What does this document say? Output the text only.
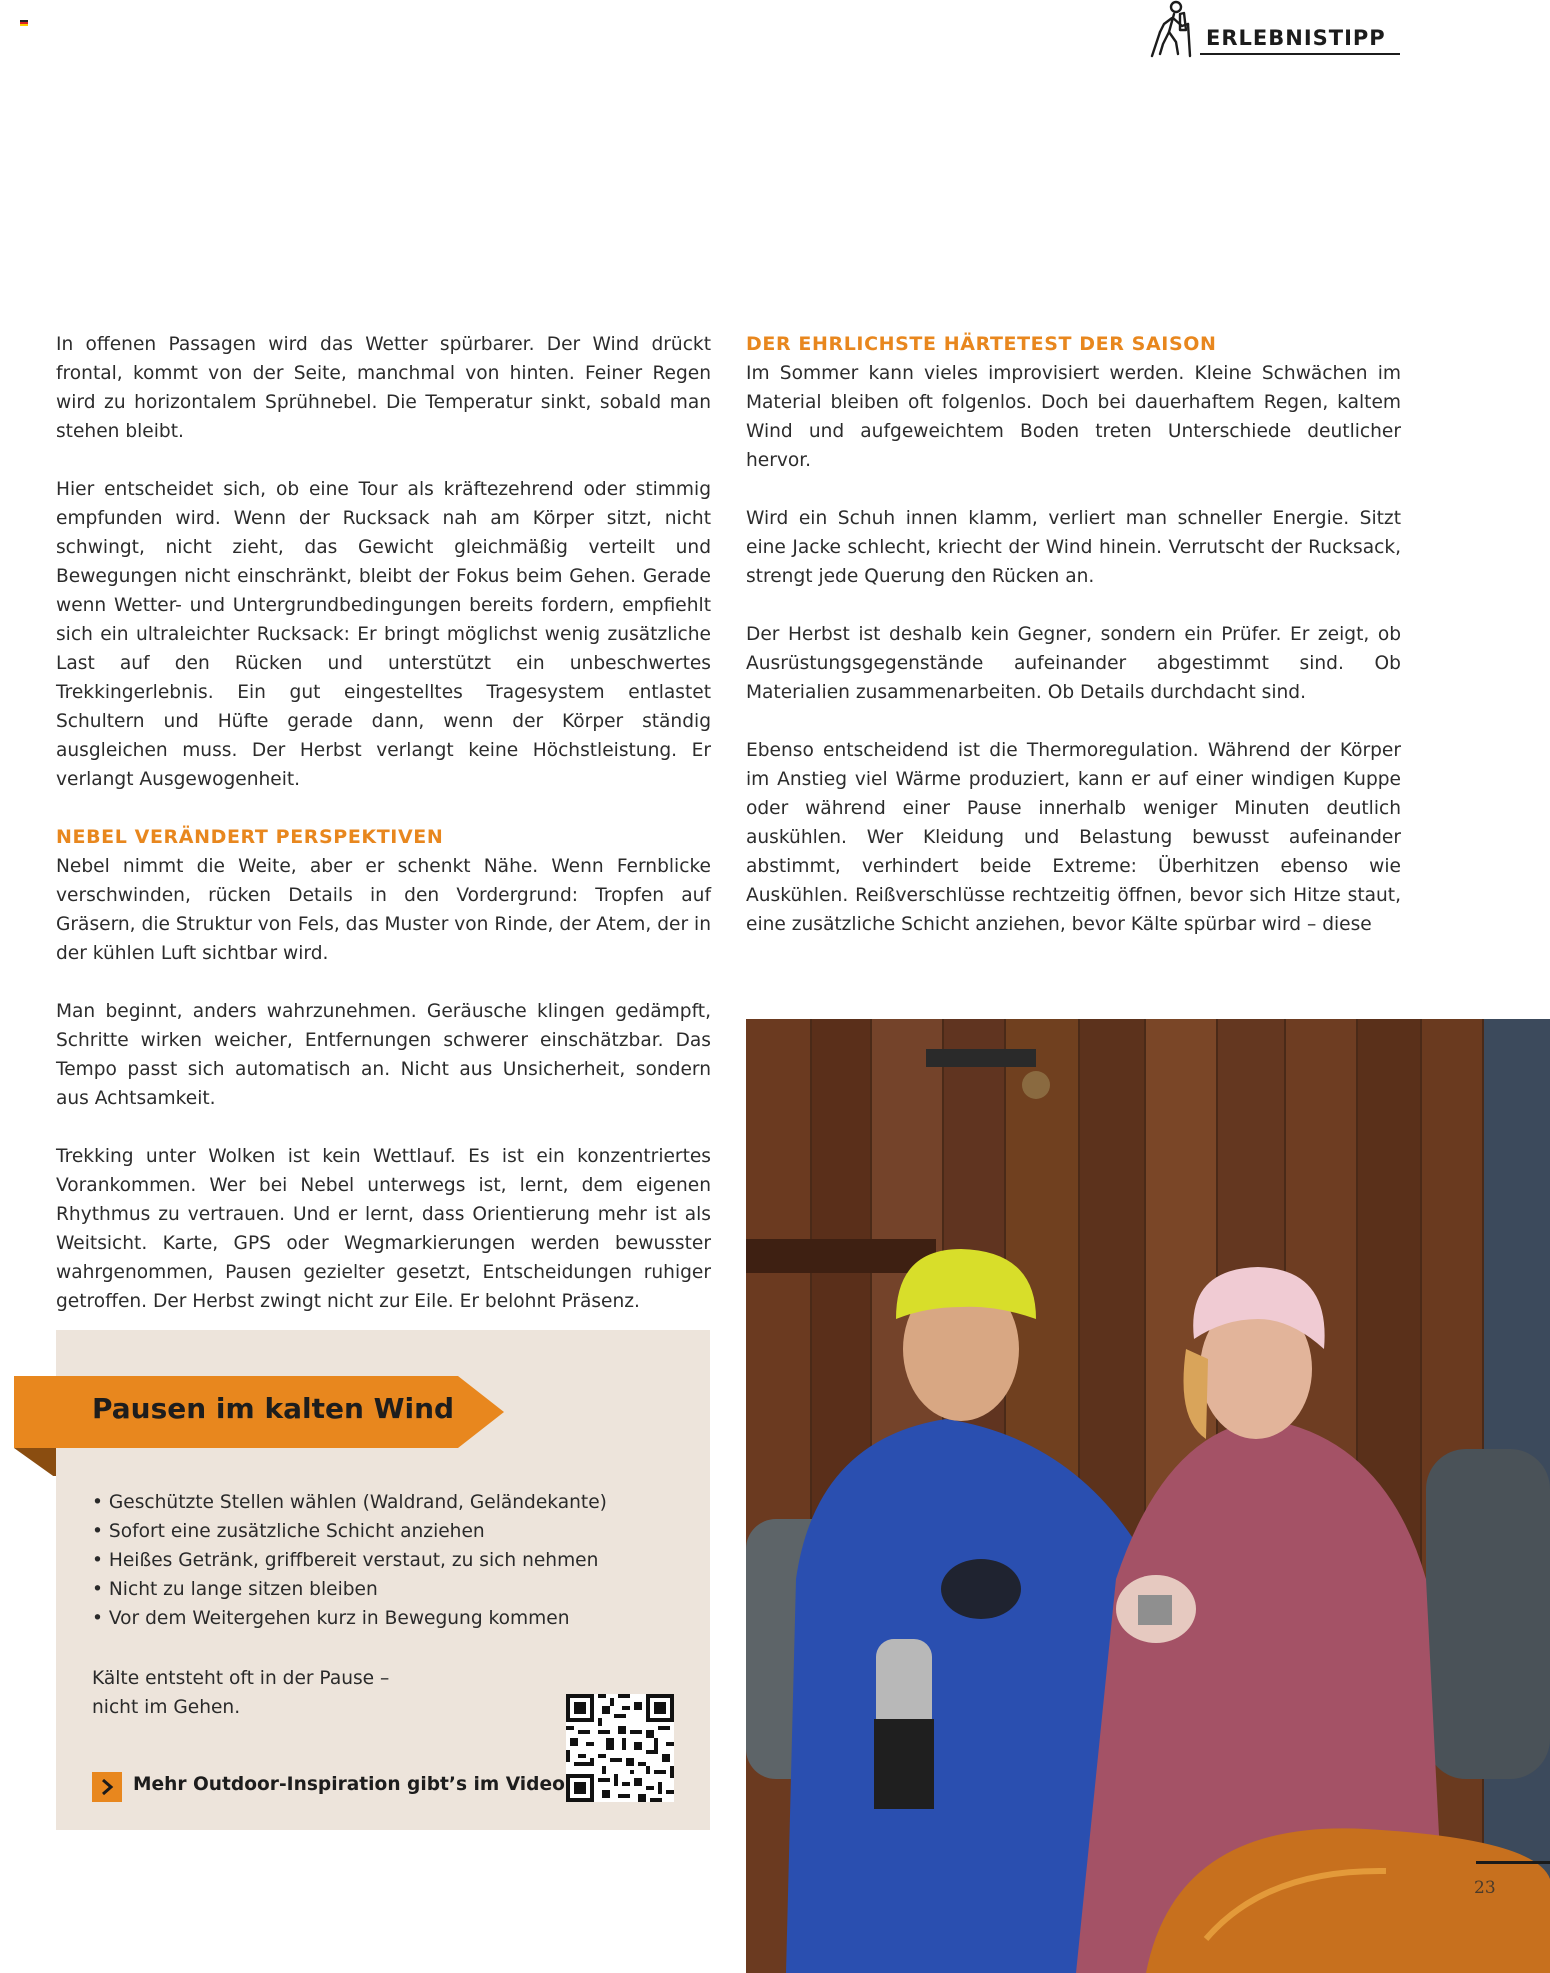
ERLEBNISTIPP

In offenen Passagen wird das Wetter spürbarer. Der Wind drückt frontal, kommt von der Seite, manchmal von hinten. Feiner Regen wird zu horizontalem Sprühnebel. Die Temperatur sinkt, sobald man stehen bleibt.

Hier entscheidet sich, ob eine Tour als kräftezehrend oder stimmig empfunden wird. Wenn der Rucksack nah am Körper sitzt, nicht schwingt, nicht zieht, das Gewicht gleichmäßig verteilt und Bewegungen nicht einschränkt, bleibt der Fokus beim Gehen. Gerade wenn Wetter- und Untergrundbedingungen bereits fordern, empfiehlt sich ein ultraleichter Rucksack: Er bringt möglichst wenig zusätzliche Last auf den Rücken und unterstützt ein unbeschwertes Trekkingerlebnis. Ein gut eingestelltes Tragesystem entlastet Schultern und Hüfte gerade dann, wenn der Körper ständig ausgleichen muss. Der Herbst verlangt keine Höchstleistung. Er verlangt Ausgewogenheit.

NEBEL VERÄNDERT PERSPEKTIVEN

Nebel nimmt die Weite, aber er schenkt Nähe. Wenn Fernblicke verschwinden, rücken Details in den Vordergrund: Tropfen auf Gräsern, die Struktur von Fels, das Muster von Rinde, der Atem, der in der kühlen Luft sichtbar wird.

Man beginnt, anders wahrzunehmen. Geräusche klingen gedämpft, Schritte wirken weicher, Entfernungen schwerer einschätzbar. Das Tempo passt sich automatisch an. Nicht aus Unsicherheit, sondern aus Achtsamkeit.

Trekking unter Wolken ist kein Wettlauf. Es ist ein konzentriertes Vorankommen. Wer bei Nebel unterwegs ist, lernt, dem eigenen Rhythmus zu vertrauen. Und er lernt, dass Orientierung mehr ist als Weitsicht. Karte, GPS oder Wegmarkierungen werden bewusster wahrgenommen, Pausen gezielter gesetzt, Entscheidungen ruhiger getroffen. Der Herbst zwingt nicht zur Eile. Er belohnt Präsenz.

DER EHRLICHSTE HÄRTETEST DER SAISON

Im Sommer kann vieles improvisiert werden. Kleine Schwächen im Material bleiben oft folgenlos. Doch bei dauerhaftem Regen, kaltem Wind und aufgeweichtem Boden treten Unterschiede deutlicher hervor.

Wird ein Schuh innen klamm, verliert man schneller Energie. Sitzt eine Jacke schlecht, kriecht der Wind hinein. Verrutscht der Rucksack, strengt jede Querung den Rücken an.

Der Herbst ist deshalb kein Gegner, sondern ein Prüfer. Er zeigt, ob Ausrüstungsgegenstände aufeinander abgestimmt sind. Ob Materialien zusammenarbeiten. Ob Details durchdacht sind.

Ebenso entscheidend ist die Thermoregulation. Während der Körper im Anstieg viel Wärme produziert, kann er auf einer windigen Kuppe oder während einer Pause innerhalb weniger Minuten deutlich auskühlen. Wer Kleidung und Belastung bewusst aufeinander abstimmt, verhindert beide Extreme: Überhitzen ebenso wie Auskühlen. Reißverschlüsse rechtzeitig öffnen, bevor sich Hitze staut, eine zusätzliche Schicht anziehen, bevor Kälte spürbar wird – diese

Pausen im kalten Wind
• Geschützte Stellen wählen (Waldrand, Geländekante)
• Sofort eine zusätzliche Schicht anziehen
• Heißes Getränk, griffbereit verstaut, zu sich nehmen
• Nicht zu lange sitzen bleiben
• Vor dem Weitergehen kurz in Bewegung kommen
Kälte entsteht oft in der Pause –
nicht im Gehen.
Mehr Outdoor-Inspiration gibt’s im Video
23
